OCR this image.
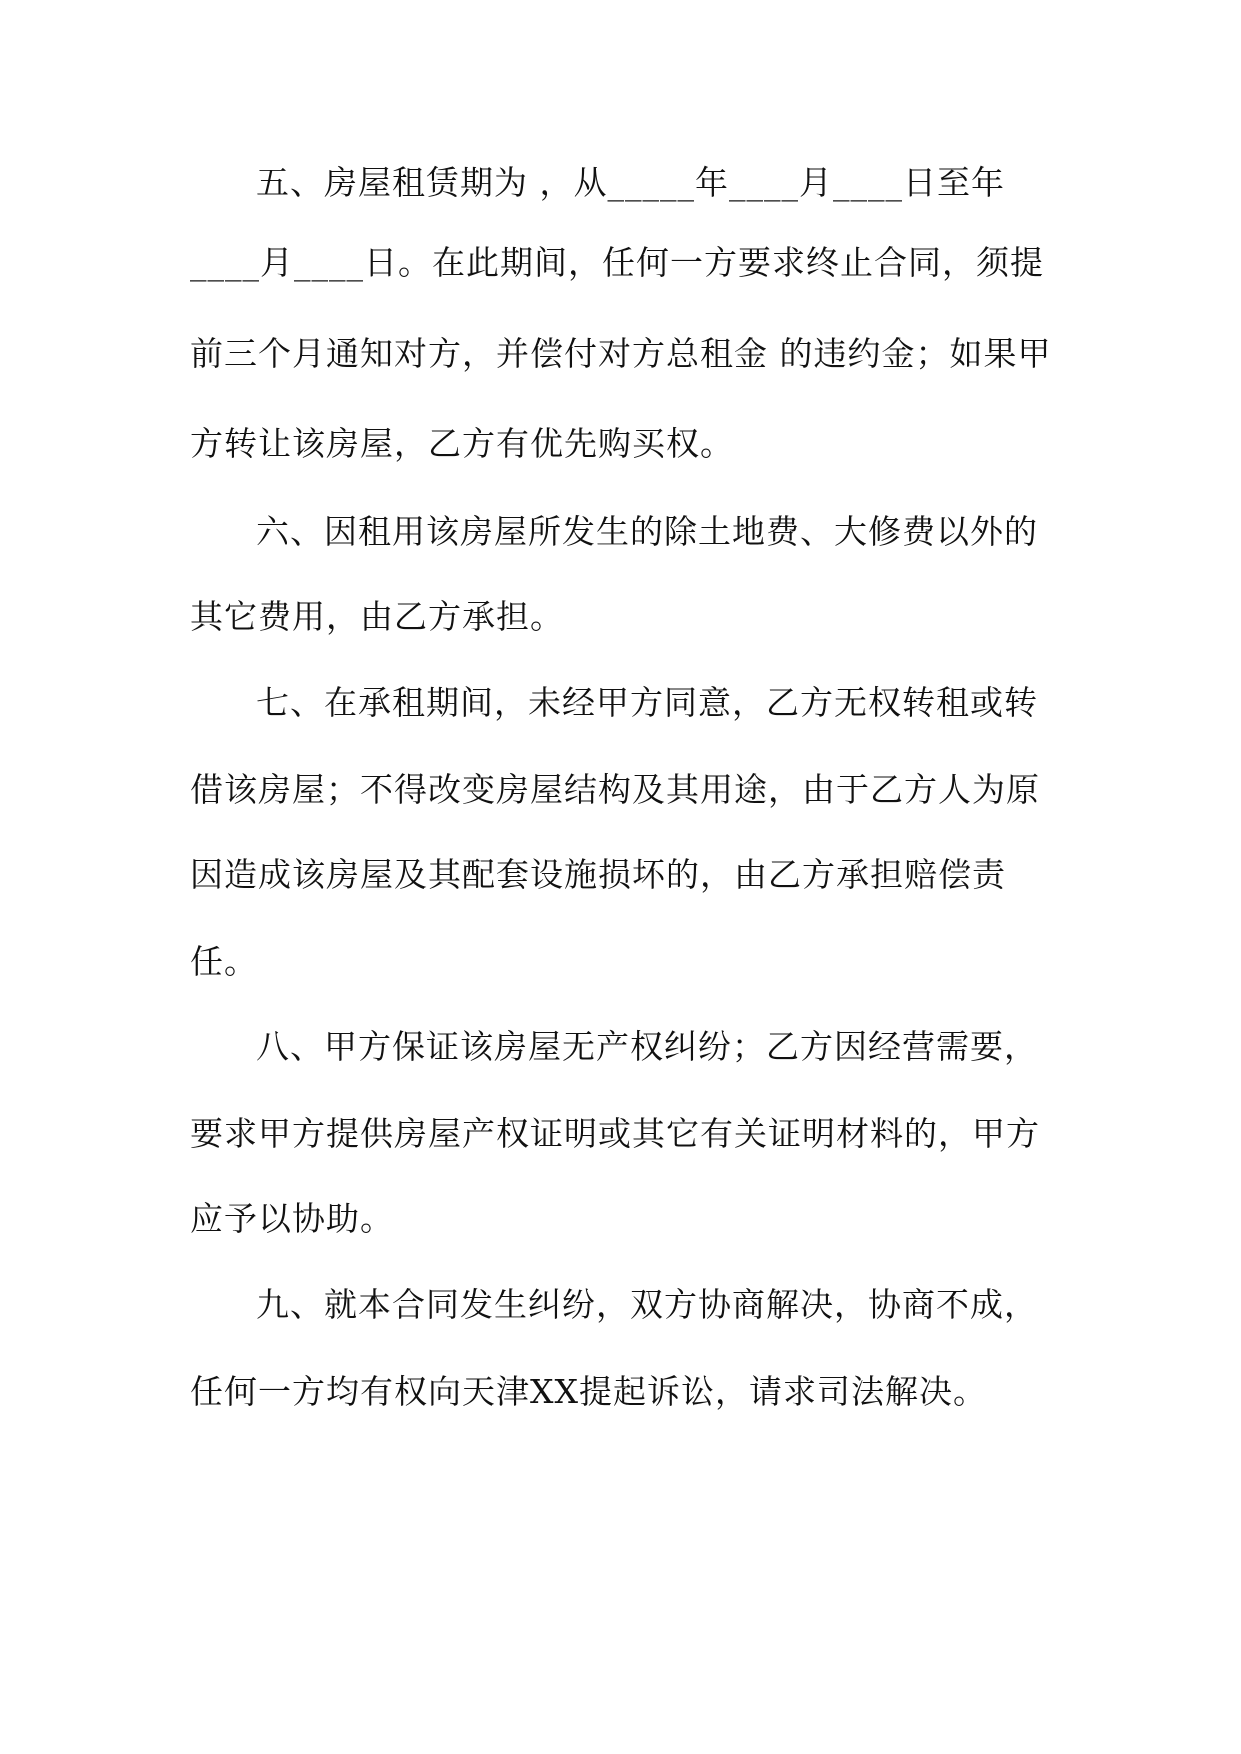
五、房屋租赁期为 ，从_____年____月____日至年
____月____日。在此期间，任何一方要求终止合同，须提
前三个月通知对方，并偿付对方总租金 的违约金；如果甲
方转让该房屋，乙方有优先购买权。
六、因租用该房屋所发生的除土地费、大修费以外的
其它费用，由乙方承担。
七、在承租期间，未经甲方同意，乙方无权转租或转
借该房屋；不得改变房屋结构及其用途，由于乙方人为原
因造成该房屋及其配套设施损坏的，由乙方承担赔偿责
任。
八、甲方保证该房屋无产权纠纷；乙方因经营需要，
要求甲方提供房屋产权证明或其它有关证明材料的，甲方
应予以协助。
九、就本合同发生纠纷，双方协商解决，协商不成，
任何一方均有权向天津XX提起诉讼，请求司法解决。
